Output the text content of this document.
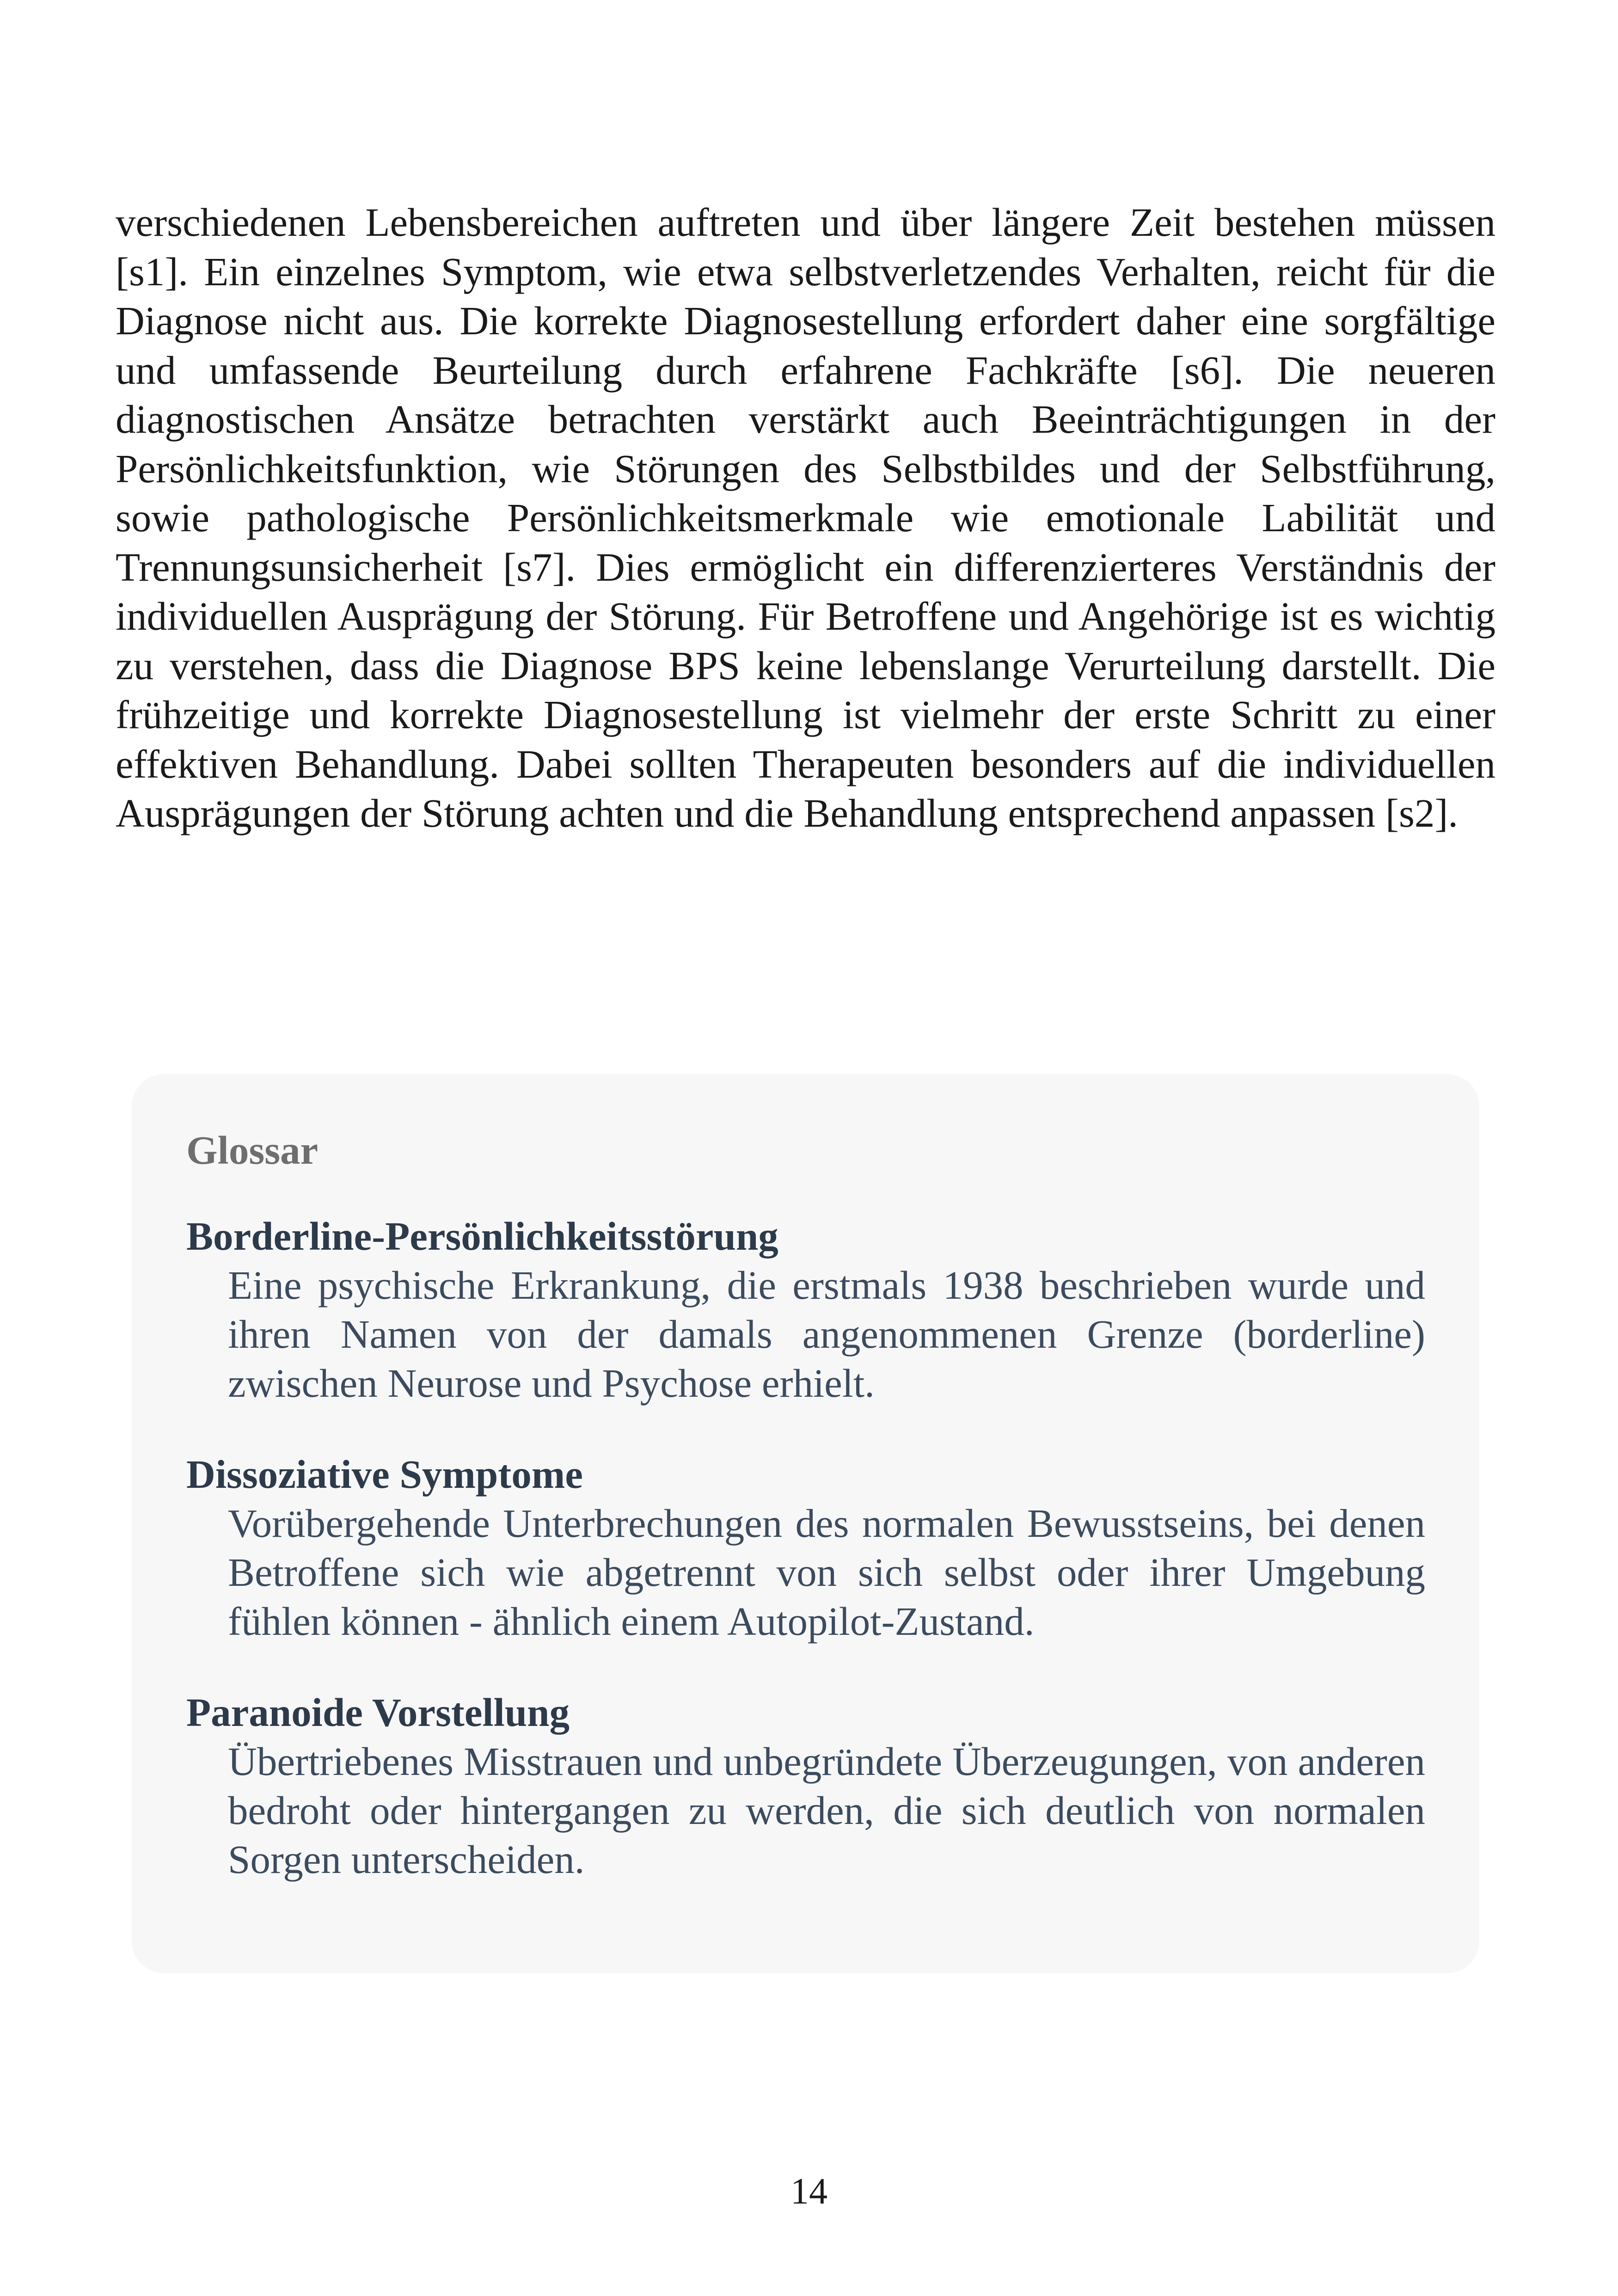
verschiedenen Lebensbereichen auftreten und über längere Zeit bestehen müssen [s1]. Ein einzelnes Symptom, wie etwa selbstverletzendes Verhalten, reicht für die Diagnose nicht aus. Die korrekte Diagnosestellung erfordert daher eine sorgfältige und umfassende Beurteilung durch erfahrene Fachkräfte [s6]. Die neueren diagnostischen Ansätze betrachten verstärkt auch Beeinträchtigungen in der Persönlichkeitsfunktion, wie Störungen des Selbstbildes und der Selbstführung, sowie pathologische Persönlichkeitsmerkmale wie emotionale Labilität und Trennungsunsicherheit [s7]. Dies ermöglicht ein differenzierteres Verständnis der individuellen Ausprägung der Störung. Für Betroffene und Angehörige ist es wichtig zu verstehen, dass die Diagnose BPS keine lebenslange Verurteilung darstellt. Die frühzeitige und korrekte Diagnosestellung ist vielmehr der erste Schritt zu einer effektiven Behandlung. Dabei sollten Therapeuten besonders auf die individuellen Ausprägungen der Störung achten und die Behandlung entsprechend anpassen [s2].

Glossar
Borderline-Persönlichkeitsstörung

Eine psychische Erkrankung, die erstmals 1938 beschrieben wurde und ihren Namen von der damals angenommenen Grenze (borderline) zwischen Neurose und Psychose erhielt.

Dissoziative Symptome

Vorübergehende Unterbrechungen des normalen Bewusstseins, bei denen Betroffene sich wie abgetrennt von sich selbst oder ihrer Umgebung fühlen können - ähnlich einem Autopilot-Zustand.

Paranoide Vorstellung

Übertriebenes Misstrauen und unbegründete Überzeugungen, von anderen bedroht oder hintergangen zu werden, die sich deutlich von normalen Sorgen unterscheiden.

14
